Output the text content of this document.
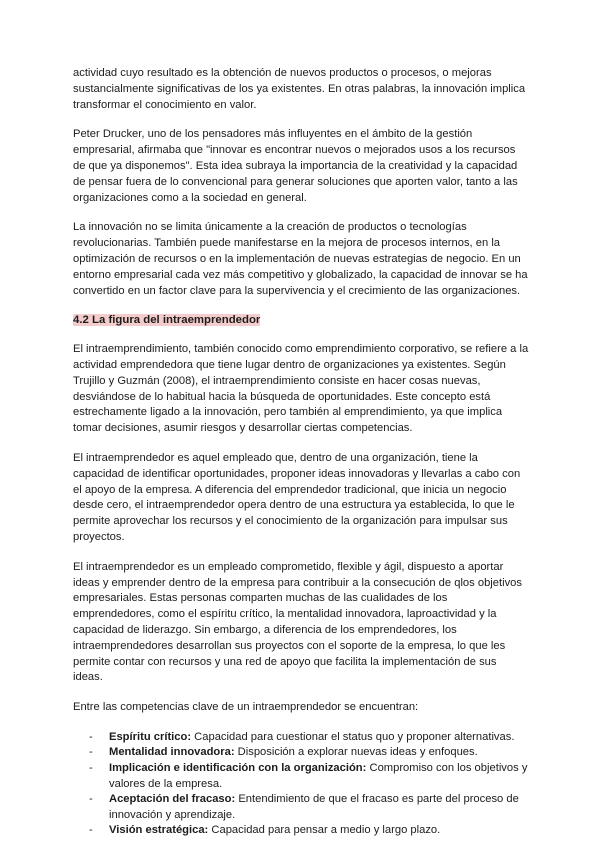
actividad cuyo resultado es la obtención de nuevos productos o procesos, o mejoras sustancialmente significativas de los ya existentes. En otras palabras, la innovación implica transformar el conocimiento en valor.

Peter Drucker, uno de los pensadores más influyentes en el ámbito de la gestión empresarial, afirmaba que "innovar es encontrar nuevos o mejorados usos a los recursos de que ya disponemos". Esta idea subraya la importancia de la creatividad y la capacidad de pensar fuera de lo convencional para generar soluciones que aporten valor, tanto a las organizaciones como a la sociedad en general.

La innovación no se limita únicamente a la creación de productos o tecnologías revolucionarias. También puede manifestarse en la mejora de procesos internos, en la optimización de recursos o en la implementación de nuevas estrategias de negocio. En un entorno empresarial cada vez más competitivo y globalizado, la capacidad de innovar se ha convertido en un factor clave para la supervivencia y el crecimiento de las organizaciones.

4.2 La figura del intraemprendedor

El intraemprendimiento, también conocido como emprendimiento corporativo, se refiere a la actividad emprendedora que tiene lugar dentro de organizaciones ya existentes. Según Trujillo y Guzmán (2008), el intraemprendimiento consiste en hacer cosas nuevas, desviándose de lo habitual hacia la búsqueda de oportunidades. Este concepto está estrechamente ligado a la innovación, pero también al emprendimiento, ya que implica tomar decisiones, asumir riesgos y desarrollar ciertas competencias.

El intraemprendedor es aquel empleado que, dentro de una organización, tiene la capacidad de identificar oportunidades, proponer ideas innovadoras y llevarlas a cabo con el apoyo de la empresa. A diferencia del emprendedor tradicional, que inicia un negocio desde cero, el intraemprendedor opera dentro de una estructura ya establecida, lo que le permite aprovechar los recursos y el conocimiento de la organización para impulsar sus proyectos.

El intraemprendedor es un empleado comprometido, flexible y ágil, dispuesto a aportar ideas y emprender dentro de la empresa para contribuir a la consecución de qlos objetivos empresariales. Estas personas comparten muchas de las cualidades de los emprendedores, como el espíritu crítico, la mentalidad innovadora, laproactividad y la capacidad de liderazgo. Sin embargo, a diferencia de los emprendedores, los intraemprendedores desarrollan sus proyectos con el soporte de la empresa, lo que les permite contar con recursos y una red de apoyo que facilita la implementación de sus ideas.

Entre las competencias clave de un intraemprendedor se encuentran:

- Espíritu crítico: Capacidad para cuestionar el status quo y proponer alternativas.
- Mentalidad innovadora: Disposición a explorar nuevas ideas y enfoques.
- Implicación e identificación con la organización: Compromiso con los objetivos y valores de la empresa.
- Aceptación del fracaso: Entendimiento de que el fracaso es parte del proceso de innovación y aprendizaje.
- Visión estratégica: Capacidad para pensar a medio y largo plazo.
